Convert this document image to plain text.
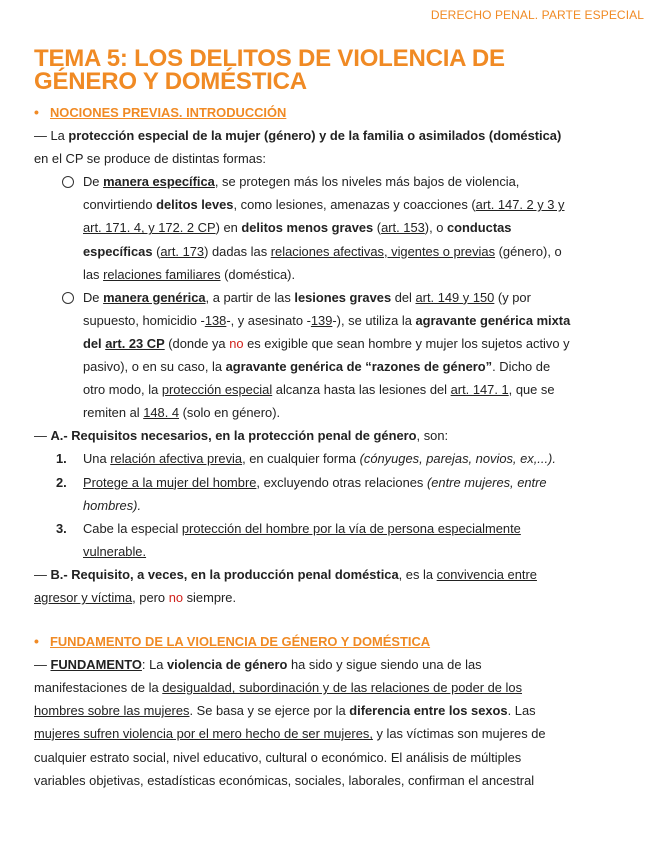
DERECHO PENAL. PARTE ESPECIAL
TEMA 5: LOS DELITOS DE VIOLENCIA DE
GÉNERO Y DOMÉSTICA

• NOCIONES PREVIAS. INTRODUCCIÓN

— La protección especial de la mujer (género) y de la familia o asimilados (doméstica)
en el CP se produce de distintas formas:

De manera específica, se protegen más los niveles más bajos de violencia,
convirtiendo delitos leves, como lesiones, amenazas y coacciones (art. 147. 2 y 3 y
art. 171. 4, y 172. 2 CP) en delitos menos graves (art. 153), o conductas
específicas (art. 173) dadas las relaciones afectivas, vigentes o previas (género), o
las relaciones familiares (doméstica).
De manera genérica, a partir de las lesiones graves del art. 149 y 150 (y por
supuesto, homicidio -138-, y asesinato -139-), se utiliza la agravante genérica mixta
del art. 23 CP (donde ya no es exigible que sean hombre y mujer los sujetos activo y
pasivo), o en su caso, la agravante genérica de “razones de género”. Dicho de
otro modo, la protección especial alcanza hasta las lesiones del art. 147. 1, que se
remiten al 148. 4 (solo en género).

— A.- Requisitos necesarios, en la protección penal de género, son:

1. Una relación afectiva previa, en cualquier forma (cónyuges, parejas, novios, ex,...).
2. Protege a la mujer del hombre, excluyendo otras relaciones (entre mujeres, entre
hombres).
3. Cabe la especial protección del hombre por la vía de persona especialmente
vulnerable.

— B.- Requisito, a veces, en la producción penal doméstica, es la convivencia entre
agresor y víctima, pero no siempre.

• FUNDAMENTO DE LA VIOLENCIA DE GÉNERO Y DOMÉSTICA

— FUNDAMENTO: La violencia de género ha sido y sigue siendo una de las
manifestaciones de la desigualdad, subordinación y de las relaciones de poder de los
hombres sobre las mujeres. Se basa y se ejerce por la diferencia entre los sexos. Las
mujeres sufren violencia por el mero hecho de ser mujeres, y las víctimas son mujeres de
cualquier estrato social, nivel educativo, cultural o económico. El análisis de múltiples
variables objetivas, estadísticas económicas, sociales, laborales, confirman el ancestral
